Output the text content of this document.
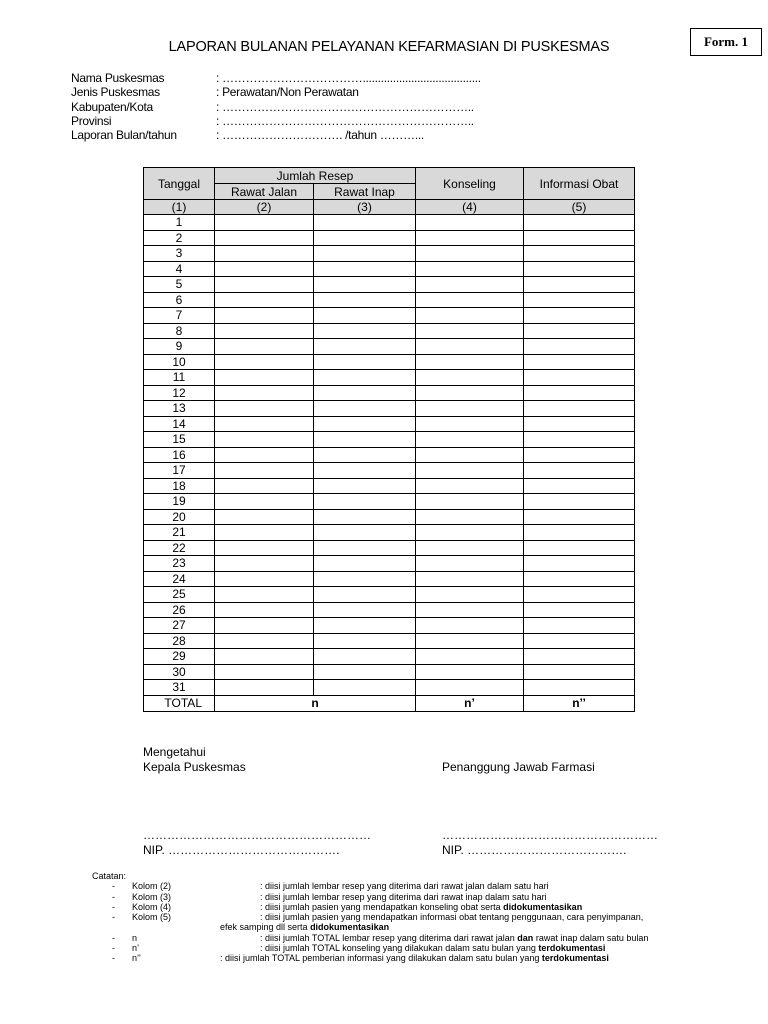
Form. 1
LAPORAN BULANAN PELAYANAN KEFARMASIAN DI PUSKESMAS
Nama Puskesmas	: ……………………………….......................................
Jenis Puskesmas	: Perawatan/Non Perawatan
Kabupaten/Kota	: ………………………………………………………..
Provinsi	: ………………………………………………………..
Laporan Bulan/tahun	: …………………………. /tahun ………...
Tanggal	Jumlah Resep		Konseling	Informasi Obat
	Rawat Jalan	Rawat Inap		
(1)	(2)	(3)	(4)	(5)
1				
2				
3				
4				
5				
6				
7				
8				
9				
10				
11				
12				
13				
14				
15				
16				
17				
18				
19				
20				
21				
22				
23				
24				
25				
26				
27				
28				
29				
30				
31				
TOTAL	n		n’	n’’
Mengetahui
Kepala Puskesmas	Penanggung Jawab Farmasi
…………………………………………………
NIP. …………………………………….
………………………………………………
NIP. ………………………………….
Catatan:
- Kolom (2)	: diisi jumlah lembar resep yang diterima dari rawat jalan dalam satu hari
- Kolom (3)	: diisi jumlah lembar resep yang diterima dari rawat inap dalam satu hari
- Kolom (4)	: diisi jumlah pasien yang mendapatkan konseling obat serta didokumentasikan
- Kolom (5)	: diisi jumlah pasien yang mendapatkan informasi obat tentang penggunaan, cara penyimpanan,
efek samping dll serta didokumentasikan
- n	: diisi jumlah TOTAL lembar resep yang diterima dari rawat jalan dan rawat inap dalam satu bulan
- n’	: diisi jumlah TOTAL konseling yang dilakukan dalam satu bulan yang terdokumentasi
- n’’	: diisi jumlah TOTAL pemberian informasi yang dilakukan dalam satu bulan yang terdokumentasi
